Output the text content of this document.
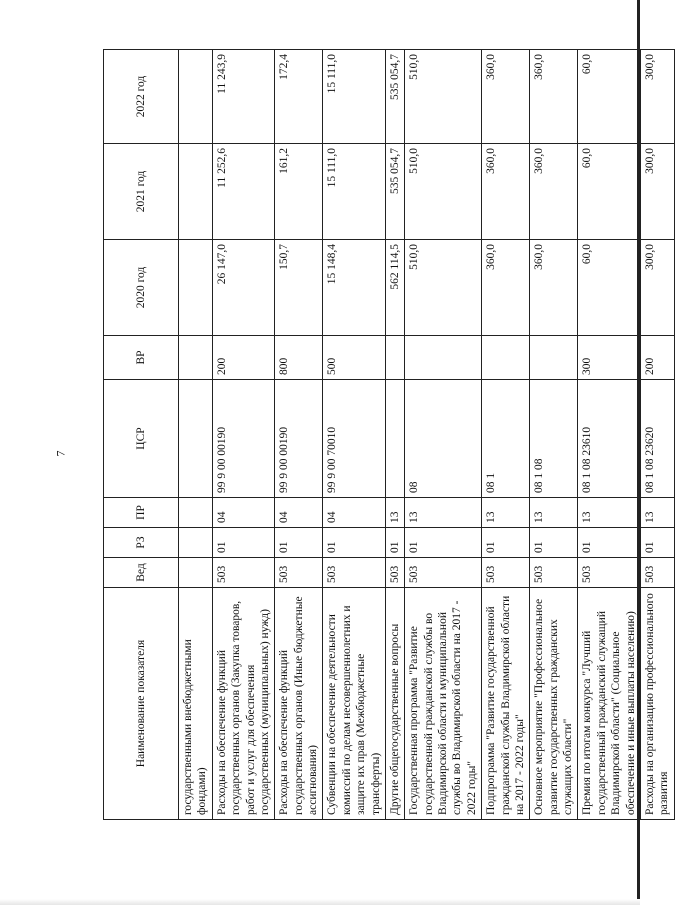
7
Наименование показателя	Вед	РЗ	ПР	ЦСР	ВР	2020 год	2021 год	2022 год
государственными внебюджетными фондами)								
Расходы на обеспечение функций государственных органов (Закупка товаров, работ и услуг для обеспечения государственных (муниципальных) нужд)	503	01	04	99 9 00 00190	200	26 147,0	11 252,6	11 243,9
Расходы на обеспечение функций государственных органов (Иные бюджетные ассигнования)	503	01	04	99 9 00 00190	800	150,7	161,2	172,4
Субвенции на обеспечение деятельности комиссий по делам несовершеннолетних и защите их прав (Межбюджетные трансферты)	503	01	04	99 9 00 70010	500	15 148,4	15 111,0	15 111,0
Другие общегосударственные вопросы	503	01	13			562 114,5	535 054,7	535 054,7
Государственная программа "Развитие государственной гражданской службы во Владимирской области и муниципальной службы во Владимирской области на 2017 - 2022 годы"	503	01	13	08		510,0	510,0	510,0
Подпрограмма "Развитие государственной гражданской службы Владимирской области на 2017 - 2022 годы"	503	01	13	08 1		360,0	360,0	360,0
Основное мероприятие "Профессиональное развитие государственных гражданских служащих области"	503	01	13	08 1 08		360,0	360,0	360,0
Премия по итогам конкурса "Лучший государственный гражданский служащий Владимирской области" (Социальное обеспечение и иные выплаты населению)	503	01	13	08 1 08 23610	300	60,0	60,0	60,0
Расходы на организацию профессионального развития	503	01	13	08 1 08 23620	200	300,0	300,0	300,0
